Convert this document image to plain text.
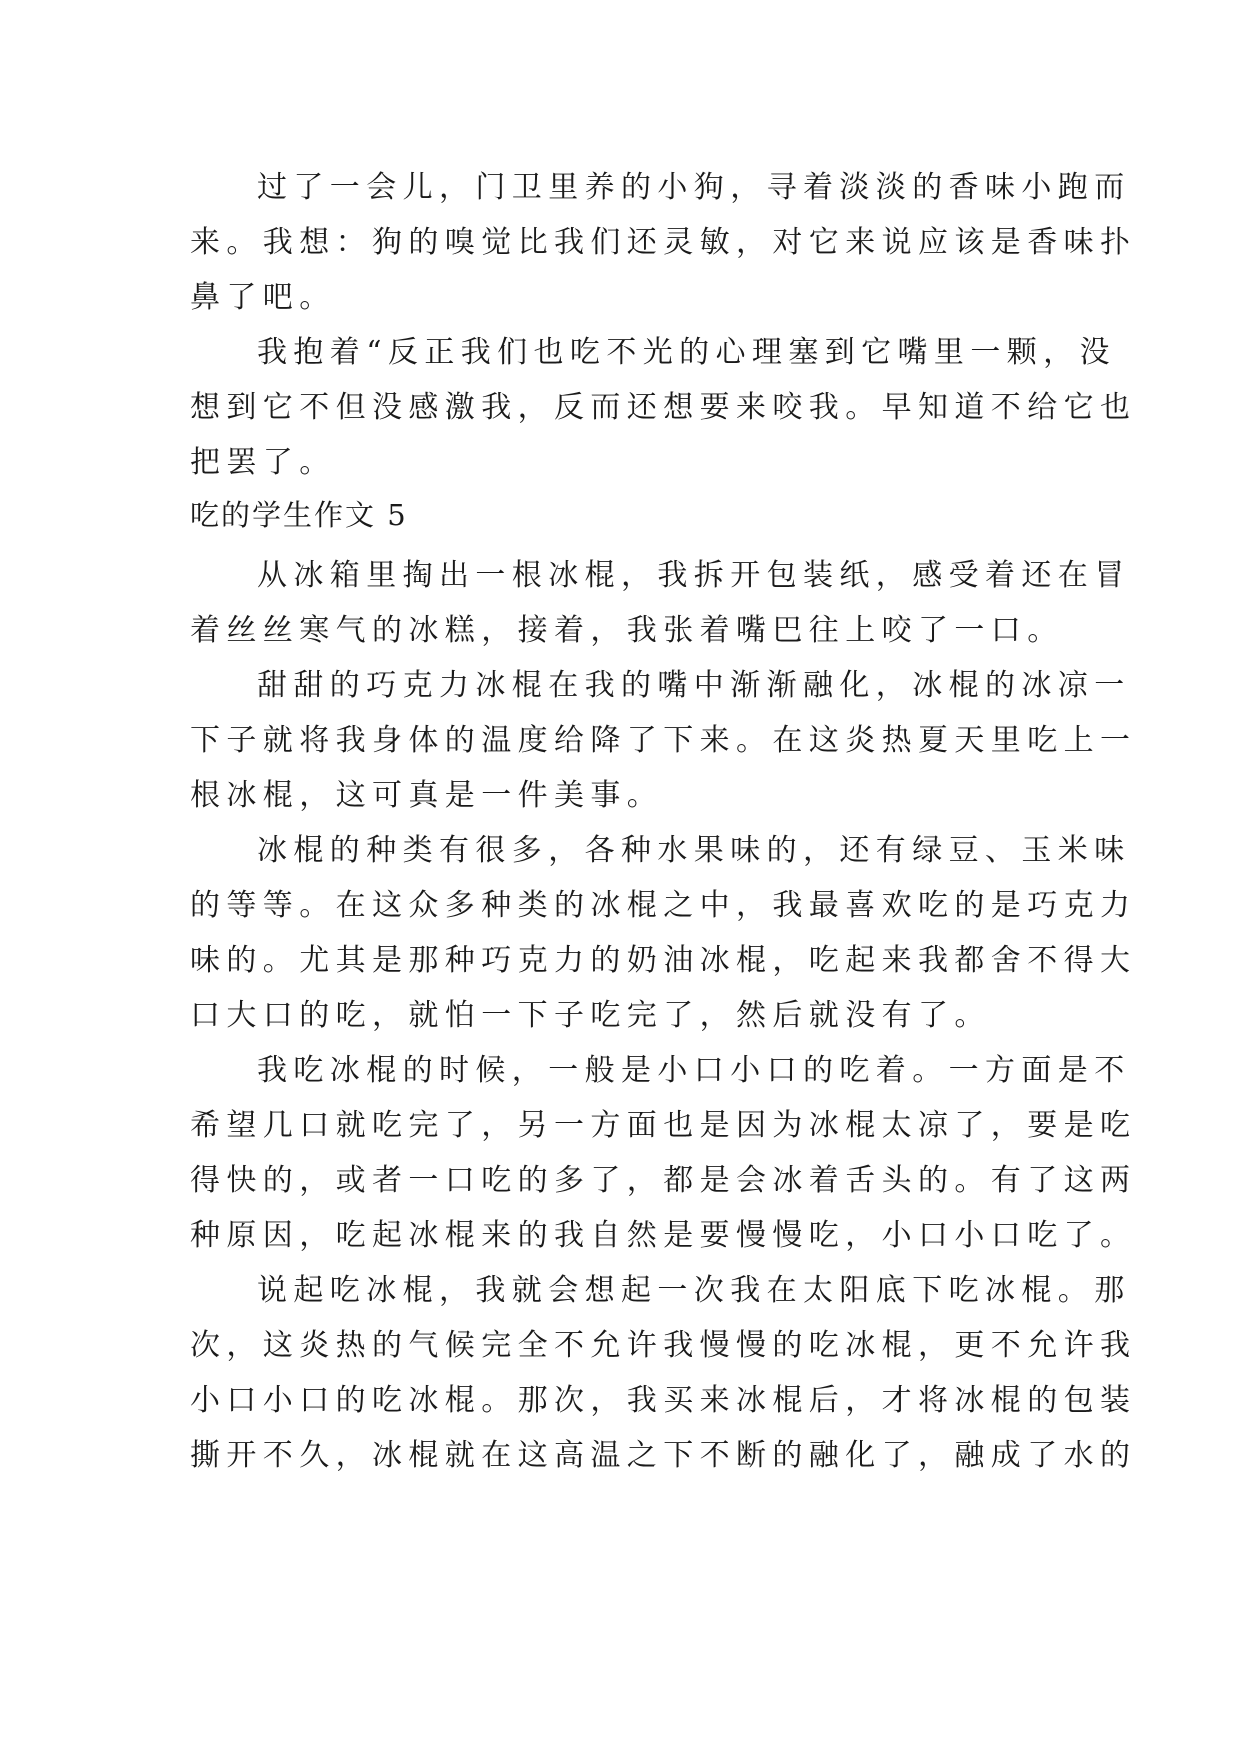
过了一会儿，门卫里养的小狗，寻着淡淡的香味小跑而
来。我想：狗的嗅觉比我们还灵敏，对它来说应该是香味扑
鼻了吧。
我抱着“反正我们也吃不光的心理塞到它嘴里一颗，没
想到它不但没感激我，反而还想要来咬我。早知道不给它也
把罢了。
吃的学生作文 5
从冰箱里掏出一根冰棍，我拆开包装纸，感受着还在冒
着丝丝寒气的冰糕，接着，我张着嘴巴往上咬了一口。
甜甜的巧克力冰棍在我的嘴中渐渐融化，冰棍的冰凉一
下子就将我身体的温度给降了下来。在这炎热夏天里吃上一
根冰棍，这可真是一件美事。
冰棍的种类有很多，各种水果味的，还有绿豆、玉米味
的等等。在这众多种类的冰棍之中，我最喜欢吃的是巧克力
味的。尤其是那种巧克力的奶油冰棍，吃起来我都舍不得大
口大口的吃，就怕一下子吃完了，然后就没有了。
我吃冰棍的时候，一般是小口小口的吃着。一方面是不
希望几口就吃完了，另一方面也是因为冰棍太凉了，要是吃
得快的，或者一口吃的多了，都是会冰着舌头的。有了这两
种原因，吃起冰棍来的我自然是要慢慢吃，小口小口吃了。
说起吃冰棍，我就会想起一次我在太阳底下吃冰棍。那
次，这炎热的气候完全不允许我慢慢的吃冰棍，更不允许我
小口小口的吃冰棍。那次，我买来冰棍后，才将冰棍的包装
撕开不久，冰棍就在这高温之下不断的融化了，融成了水的
